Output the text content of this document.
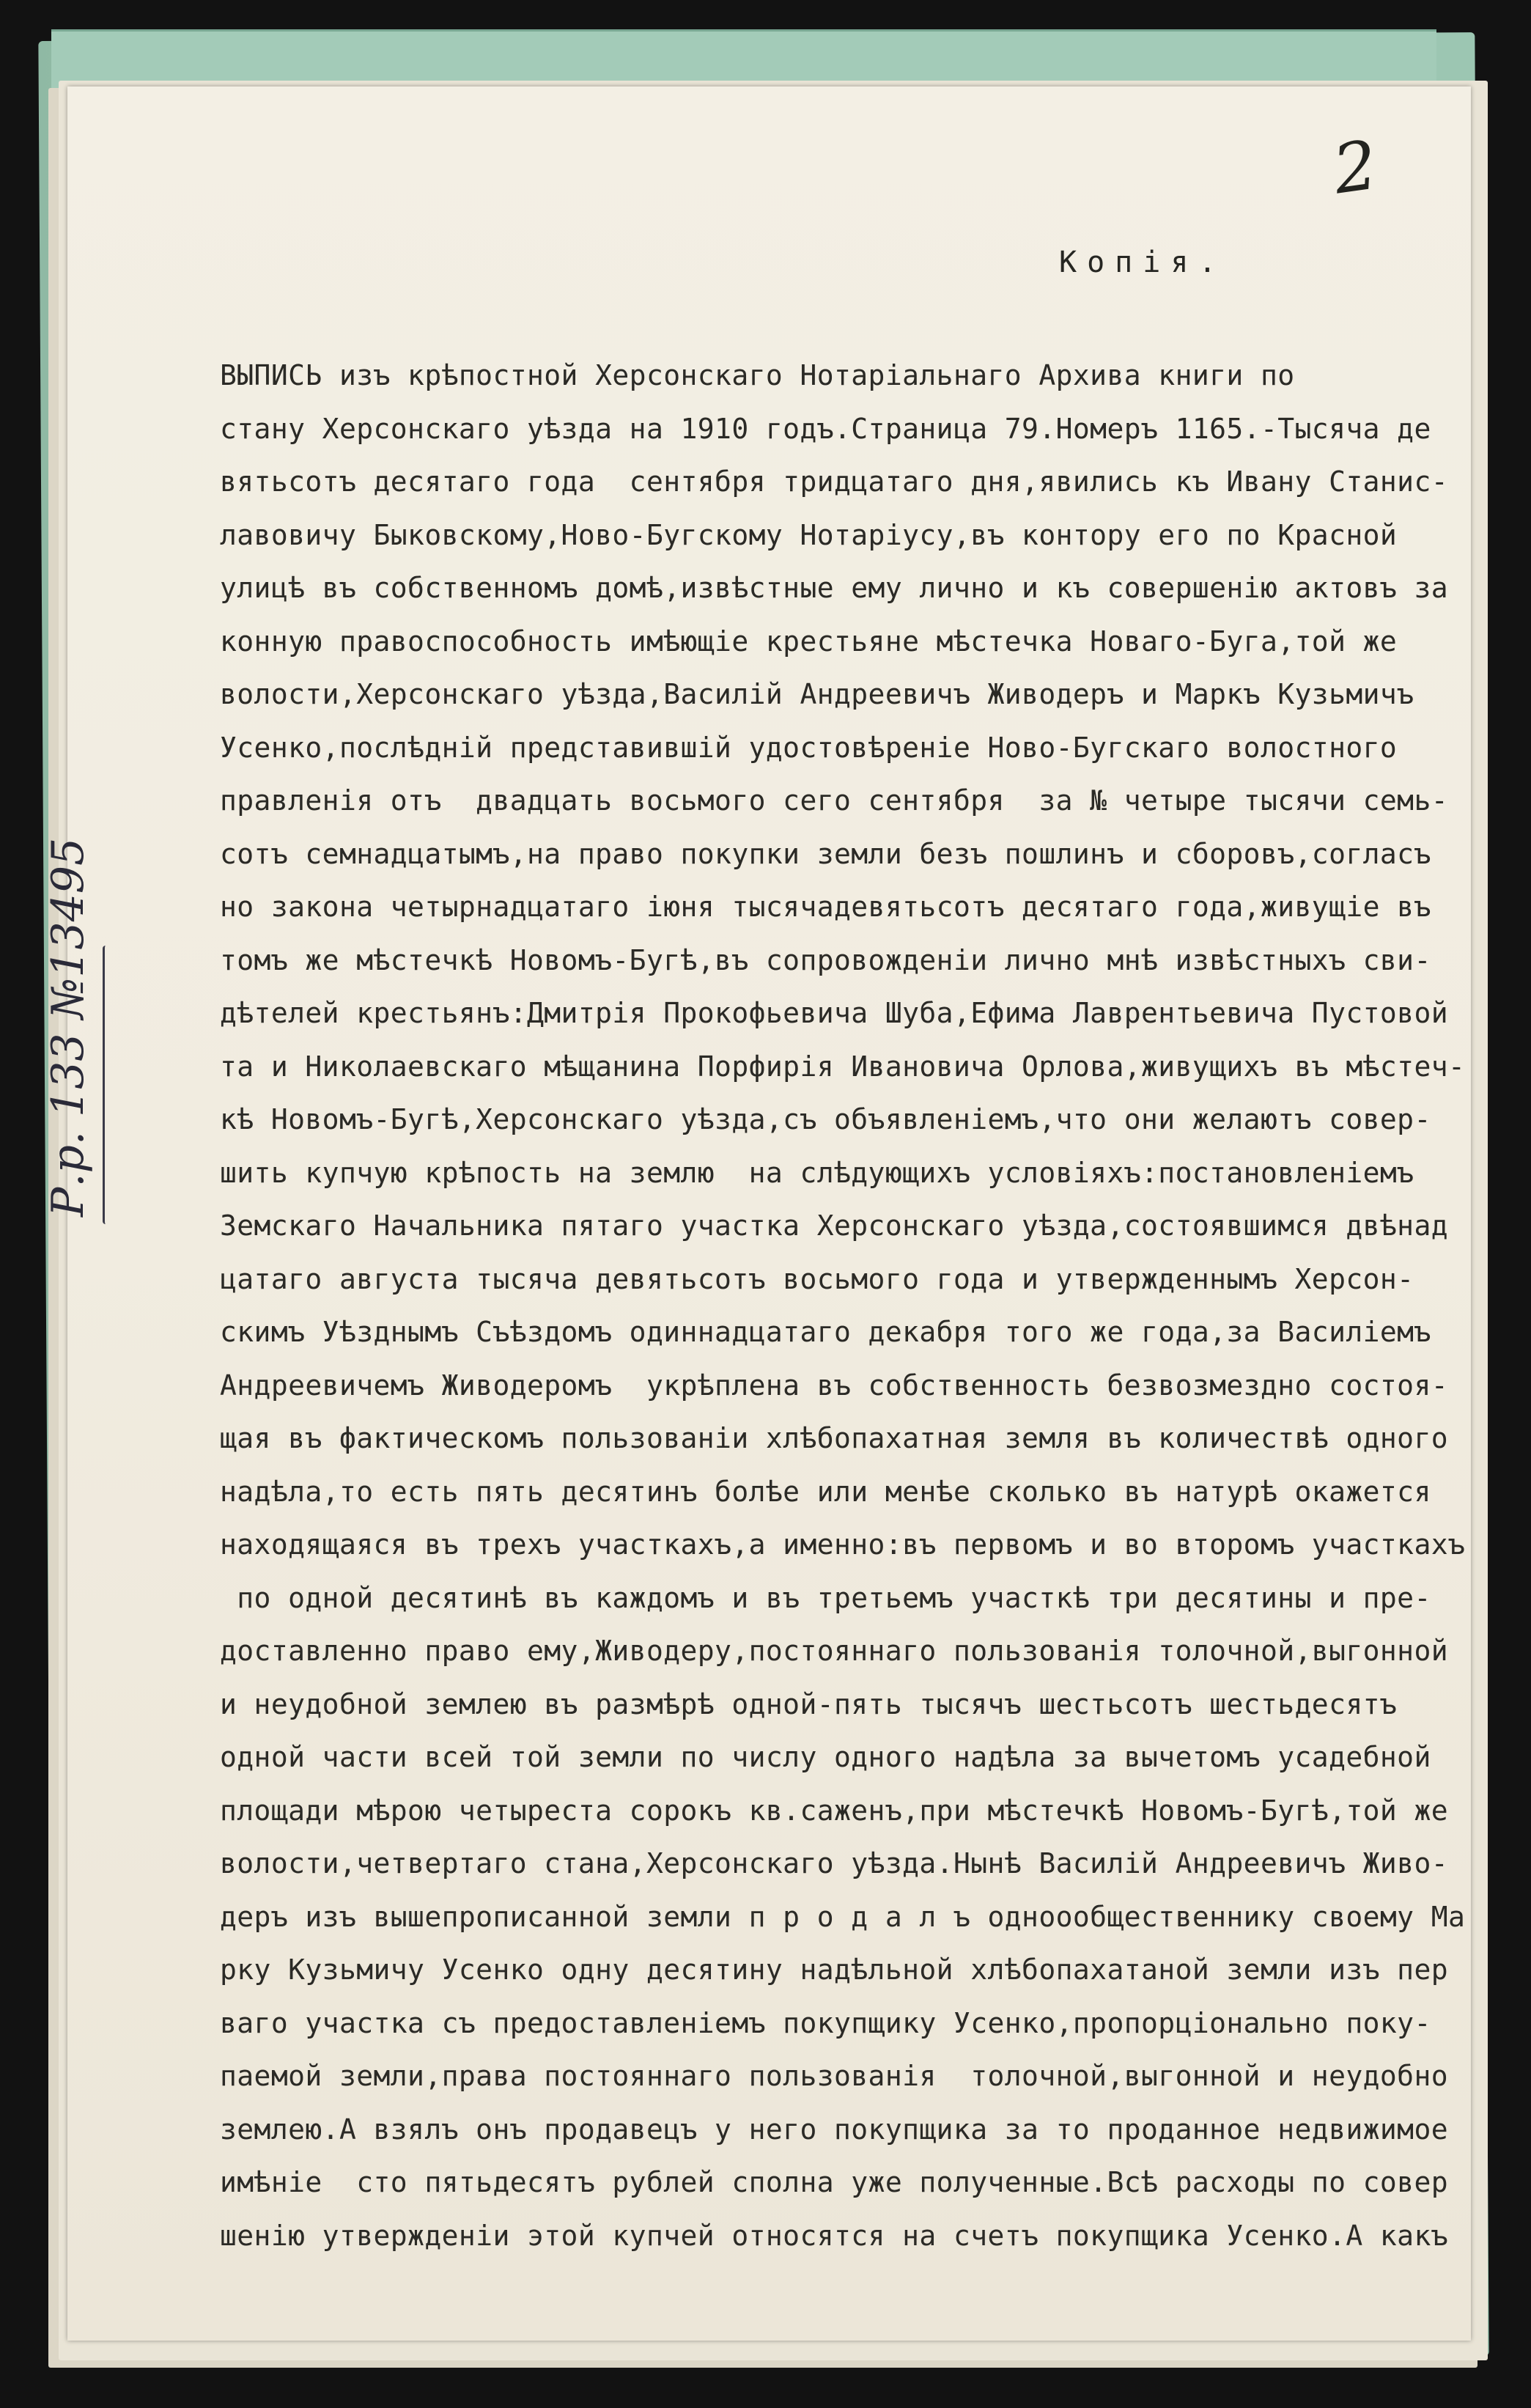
2
Копія.
Р.р. 133 №13495
ВЫПИСЬ изъ крѣпостной Херсонскаго Нотаріальнаго Архива книги по
стану Херсонскаго уѣзда на 1910 годъ.Страница 79.Номеръ 1165.-Тысяча де
вятьсотъ десятаго года  сентября тридцатаго дня,явились къ Ивану Станис-
лавовичу Быковскому,Ново-Бугскому Нотаріусу,въ контору его по Красной
улицѣ въ собственномъ домѣ,извѣстные ему лично и къ совершенію актовъ за
конную правоспособность имѣющіе крестьяне мѣстечка Новаго-Буга,той же
волости,Херсонскаго уѣзда,Василій Андреевичъ Живодеръ и Маркъ Кузьмичъ
Усенко,послѣдній представившій удостовѣреніе Ново-Бугскаго волостного
правленія отъ  двадцать восьмого сего сентября  за № четыре тысячи семь-
сотъ семнадцатымъ,на право покупки земли безъ пошлинъ и сборовъ,согласъ
но закона четырнадцатаго іюня тысячадевятьсотъ десятаго года,живущіе въ
томъ же мѣстечкѣ Новомъ-Бугѣ,въ сопровожденіи лично мнѣ извѣстныхъ сви-
дѣтелей крестьянъ:Дмитрія Прокофьевича Шуба,Ефима Лаврентьевича Пустовой
та и Николаевскаго мѣщанина Порфирія Ивановича Орлова,живущихъ въ мѣстеч-
кѣ Новомъ-Бугѣ,Херсонскаго уѣзда,съ объявленіемъ,что они желаютъ совер-
шить купчую крѣпость на землю  на слѣдующихъ условіяхъ:постановленіемъ
Земскаго Начальника пятаго участка Херсонскаго уѣзда,состоявшимся двѣнад
цатаго августа тысяча девятьсотъ восьмого года и утвержденнымъ Херсон-
скимъ Уѣзднымъ Съѣздомъ одиннадцатаго декабря того же года,за Василіемъ
Андреевичемъ Живодеромъ  укрѣплена въ собственность безвозмездно состоя-
щая въ фактическомъ пользованіи хлѣбопахатная земля въ количествѣ одного
надѣла,то есть пять десятинъ болѣе или менѣе сколько въ натурѣ окажется
находящаяся въ трехъ участкахъ,а именно:въ первомъ и во второмъ участкахъ
по одной десятинѣ въ каждомъ и въ третьемъ участкѣ три десятины и пре-
доставленно право ему,Живодеру,постояннаго пользованія толочной,выгонной
и неудобной землею въ размѣрѣ одной-пять тысячъ шестьсотъ шестьдесятъ
одной части всей той земли по числу одного надѣла за вычетомъ усадебной
площади мѣрою четыреста сорокъ кв.саженъ,при мѣстечкѣ Новомъ-Бугѣ,той же
волости,четвертаго стана,Херсонскаго уѣзда.Нынѣ Василій Андреевичъ Живо-
деръ изъ вышепрописанной земли п р о д а л ъ одноообщественнику своему Ма
рку Кузьмичу Усенко одну десятину надѣльной хлѣбопахатаной земли изъ пер
ваго участка съ предоставленіемъ покупщику Усенко,пропорціонально поку-
паемой земли,права постояннаго пользованія  толочной,выгонной и неудобно
землею.А взялъ онъ продавецъ у него покупщика за то проданное недвижимое
имѣніе  сто пятьдесятъ рублей сполна уже полученные.Всѣ расходы по совер
шенію утвержденіи этой купчей относятся на счетъ покупщика Усенко.А какъ
